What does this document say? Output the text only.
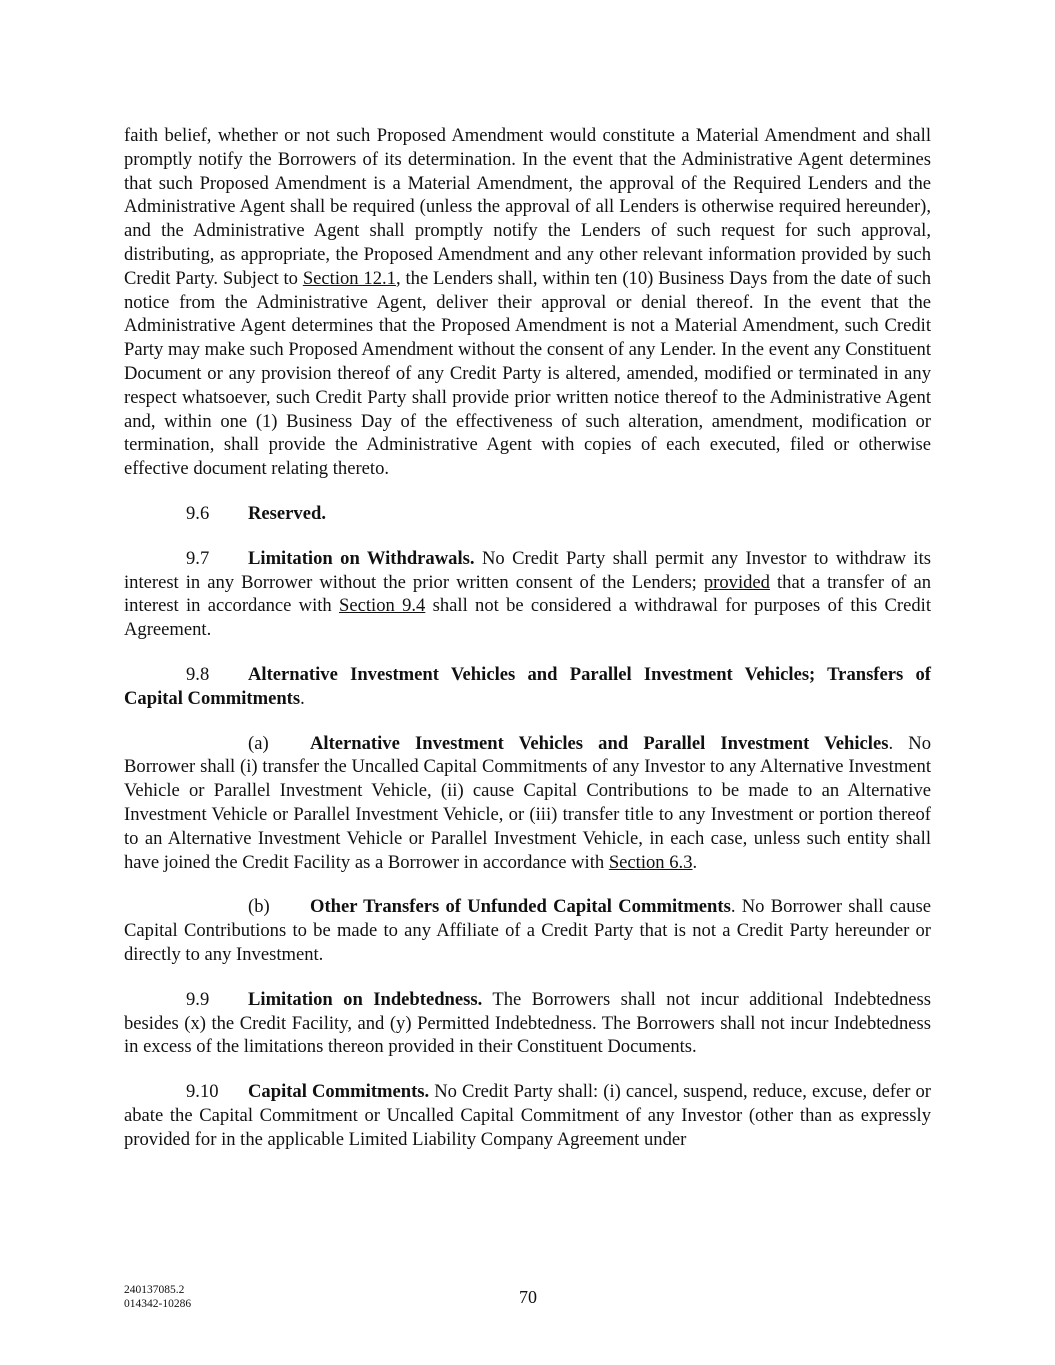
faith belief, whether or not such Proposed Amendment would constitute a Material Amendment and shall promptly notify the Borrowers of its determination. In the event that the Administrative Agent determines that such Proposed Amendment is a Material Amendment, the approval of the Required Lenders and the Administrative Agent shall be required (unless the approval of all Lenders is otherwise required hereunder), and the Administrative Agent shall promptly notify the Lenders of such request for such approval, distributing, as appropriate, the Proposed Amendment and any other relevant information provided by such Credit Party. Subject to Section 12.1, the Lenders shall, within ten (10) Business Days from the date of such notice from the Administrative Agent, deliver their approval or denial thereof. In the event that the Administrative Agent determines that the Proposed Amendment is not a Material Amendment, such Credit Party may make such Proposed Amendment without the consent of any Lender. In the event any Constituent Document or any provision thereof of any Credit Party is altered, amended, modified or terminated in any respect whatsoever, such Credit Party shall provide prior written notice thereof to the Administrative Agent and, within one (1) Business Day of the effectiveness of such alteration, amendment, modification or termination, shall provide the Administrative Agent with copies of each executed, filed or otherwise effective document relating thereto.

9.6 Reserved.

9.7 Limitation on Withdrawals. No Credit Party shall permit any Investor to withdraw its interest in any Borrower without the prior written consent of the Lenders; provided that a transfer of an interest in accordance with Section 9.4 shall not be considered a withdrawal for purposes of this Credit Agreement.

9.8 Alternative Investment Vehicles and Parallel Investment Vehicles; Transfers of Capital Commitments.

(a) Alternative Investment Vehicles and Parallel Investment Vehicles. No Borrower shall (i) transfer the Uncalled Capital Commitments of any Investor to any Alternative Investment Vehicle or Parallel Investment Vehicle, (ii) cause Capital Contributions to be made to an Alternative Investment Vehicle or Parallel Investment Vehicle, or (iii) transfer title to any Investment or portion thereof to an Alternative Investment Vehicle or Parallel Investment Vehicle, in each case, unless such entity shall have joined the Credit Facility as a Borrower in accordance with Section 6.3.

(b) Other Transfers of Unfunded Capital Commitments. No Borrower shall cause Capital Contributions to be made to any Affiliate of a Credit Party that is not a Credit Party hereunder or directly to any Investment.

9.9 Limitation on Indebtedness. The Borrowers shall not incur additional Indebtedness besides (x) the Credit Facility, and (y) Permitted Indebtedness. The Borrowers shall not incur Indebtedness in excess of the limitations thereon provided in their Constituent Documents.

9.10 Capital Commitments. No Credit Party shall: (i) cancel, suspend, reduce, excuse, defer or abate the Capital Commitment or Uncalled Capital Commitment of any Investor (other than as expressly provided for in the applicable Limited Liability Company Agreement under

240137085.2
014342-10286	70
